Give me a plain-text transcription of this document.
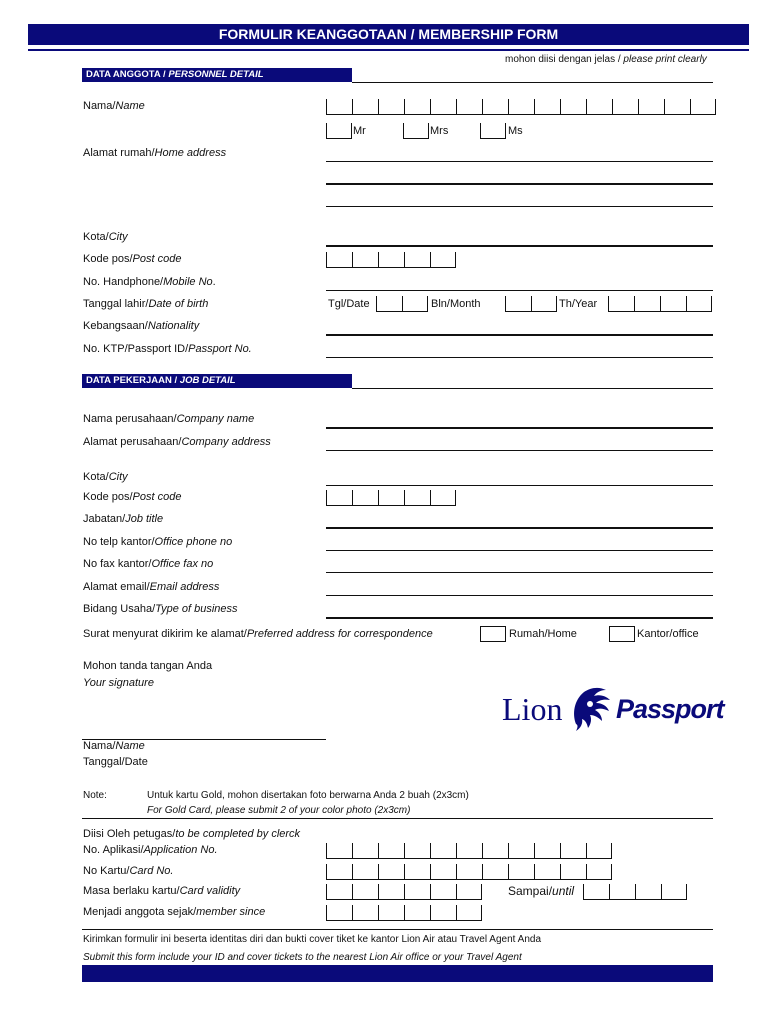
FORMULIR KEANGGOTAAN / MEMBERSHIP FORM
mohon diisi dengan jelas / please print clearly
DATA ANGGOTA / PERSONNEL DETAIL
Nama/Name
Mr	Mrs	Ms
Alamat rumah/Home address
Kota/City
Kode pos/Post code
No. Handphone/Mobile No.
Tanggal lahir/Date of birth	Tgl/Date	Bln/Month	Th/Year
Kebangsaan/Nationality
No. KTP/Passport ID/Passport No.
DATA PEKERJAAN / JOB DETAIL
Nama perusahaan/Company name
Alamat perusahaan/Company address
Kota/City
Kode pos/Post code
Jabatan/Job title
No telp kantor/Office phone no
No fax kantor/Office fax no
Alamat email/Email address
Bidang Usaha/Type of business
Surat menyurat dikirim ke alamat/Preferred address for correspondence	Rumah/Home	Kantor/office
Mohon tanda tangan Anda
Your signature
Nama/Name
Tanggal/Date
Lion Passport
Note:	Untuk kartu Gold, mohon disertakan foto berwarna Anda 2 buah (2x3cm)
For Gold Card, please submit 2 of your color photo (2x3cm)
Diisi Oleh petugas/to be completed by clerck
No. Aplikasi/Application No.
No Kartu/Card No.
Masa berlaku kartu/Card validity	Sampai/until
Menjadi anggota sejak/member since
Kirimkan formulir ini beserta identitas diri dan bukti cover tiket ke kantor Lion Air atau Travel Agent Anda
Submit this form include your ID and cover tickets to the nearest Lion Air office or your Travel Agent
